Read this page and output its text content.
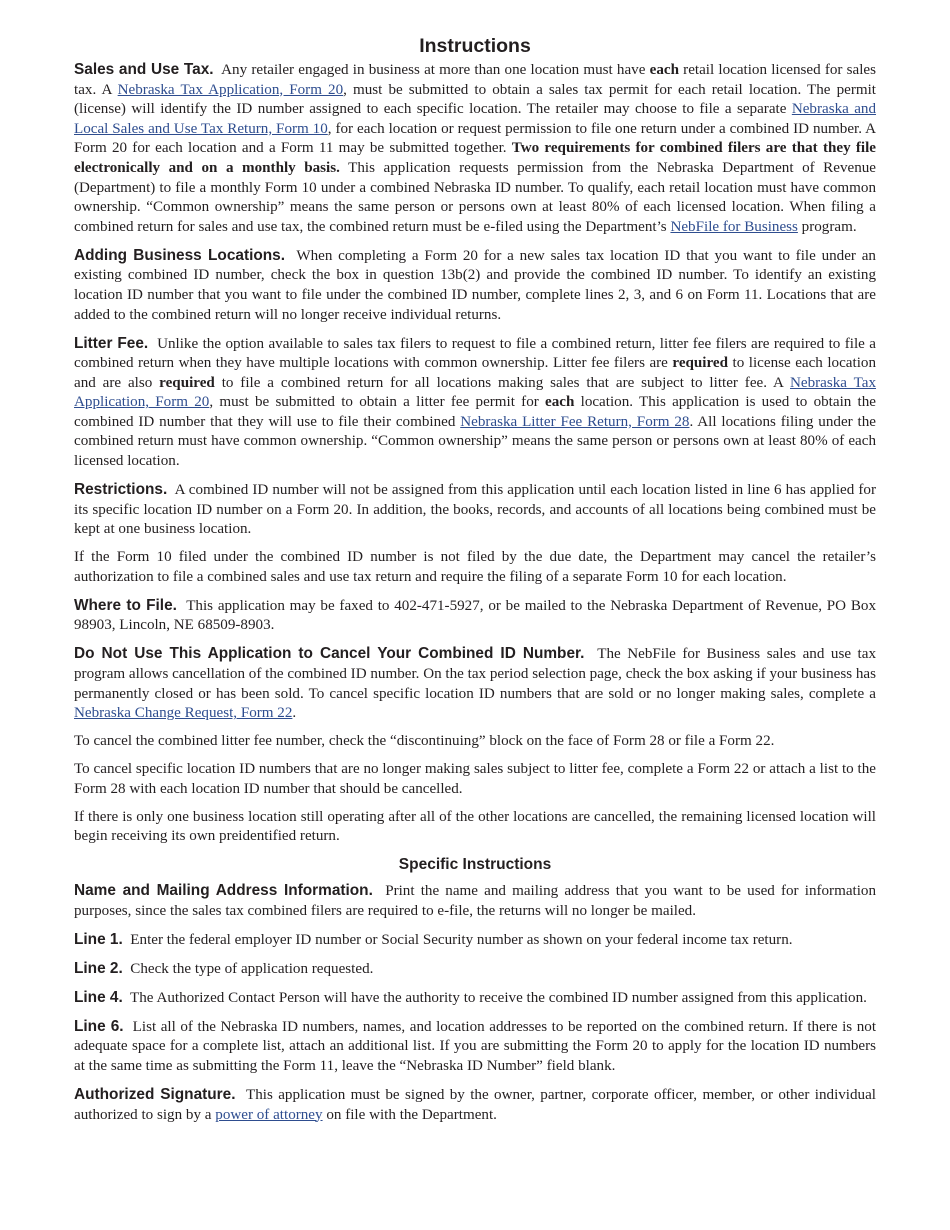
Instructions

Sales and Use Tax. Any retailer engaged in business at more than one location must have each retail location licensed for sales tax. A Nebraska Tax Application, Form 20, must be submitted to obtain a sales tax permit for each retail location. The permit (license) will identify the ID number assigned to each specific location. The retailer may choose to file a separate Nebraska and Local Sales and Use Tax Return, Form 10, for each location or request permission to file one return under a combined ID number. A Form 20 for each location and a Form 11 may be submitted together. Two requirements for combined filers are that they file electronically and on a monthly basis. This application requests permission from the Nebraska Department of Revenue (Department) to file a monthly Form 10 under a combined Nebraska ID number. To qualify, each retail location must have common ownership. “Common ownership” means the same person or persons own at least 80% of each licensed location. When filing a combined return for sales and use tax, the combined return must be e-filed using the Department’s NebFile for Business program.

Adding Business Locations. When completing a Form 20 for a new sales tax location ID that you want to file under an existing combined ID number, check the box in question 13b(2) and provide the combined ID number. To identify an existing location ID number that you want to file under the combined ID number, complete lines 2, 3, and 6 on Form 11. Locations that are added to the combined return will no longer receive individual returns.

Litter Fee. Unlike the option available to sales tax filers to request to file a combined return, litter fee filers are required to file a combined return when they have multiple locations with common ownership. Litter fee filers are required to license each location and are also required to file a combined return for all locations making sales that are subject to litter fee. A Nebraska Tax Application, Form 20, must be submitted to obtain a litter fee permit for each location. This application is used to obtain the combined ID number that they will use to file their combined Nebraska Litter Fee Return, Form 28. All locations filing under the combined return must have common ownership. “Common ownership” means the same person or persons own at least 80% of each licensed location.

Restrictions. A combined ID number will not be assigned from this application until each location listed in line 6 has applied for its specific location ID number on a Form 20. In addition, the books, records, and accounts of all locations being combined must be kept at one business location.

If the Form 10 filed under the combined ID number is not filed by the due date, the Department may cancel the retailer’s authorization to file a combined sales and use tax return and require the filing of a separate Form 10 for each location.

Where to File. This application may be faxed to 402-471-5927, or be mailed to the Nebraska Department of Revenue, PO Box 98903, Lincoln, NE 68509-8903.

Do Not Use This Application to Cancel Your Combined ID Number. The NebFile for Business sales and use tax program allows cancellation of the combined ID number. On the tax period selection page, check the box asking if your business has permanently closed or has been sold. To cancel specific location ID numbers that are sold or no longer making sales, complete a Nebraska Change Request, Form 22.

To cancel the combined litter fee number, check the “discontinuing” block on the face of Form 28 or file a Form 22.

To cancel specific location ID numbers that are no longer making sales subject to litter fee, complete a Form 22 or attach a list to the Form 28 with each location ID number that should be cancelled.

If there is only one business location still operating after all of the other locations are cancelled, the remaining licensed location will begin receiving its own preidentified return.

Specific Instructions

Name and Mailing Address Information. Print the name and mailing address that you want to be used for information purposes, since the sales tax combined filers are required to e-file, the returns will no longer be mailed.

Line 1. Enter the federal employer ID number or Social Security number as shown on your federal income tax return.

Line 2. Check the type of application requested.

Line 4. The Authorized Contact Person will have the authority to receive the combined ID number assigned from this application.

Line 6. List all of the Nebraska ID numbers, names, and location addresses to be reported on the combined return. If there is not adequate space for a complete list, attach an additional list. If you are submitting the Form 20 to apply for the location ID numbers at the same time as submitting the Form 11, leave the “Nebraska ID Number” field blank.

Authorized Signature. This application must be signed by the owner, partner, corporate officer, member, or other individual authorized to sign by a power of attorney on file with the Department.
